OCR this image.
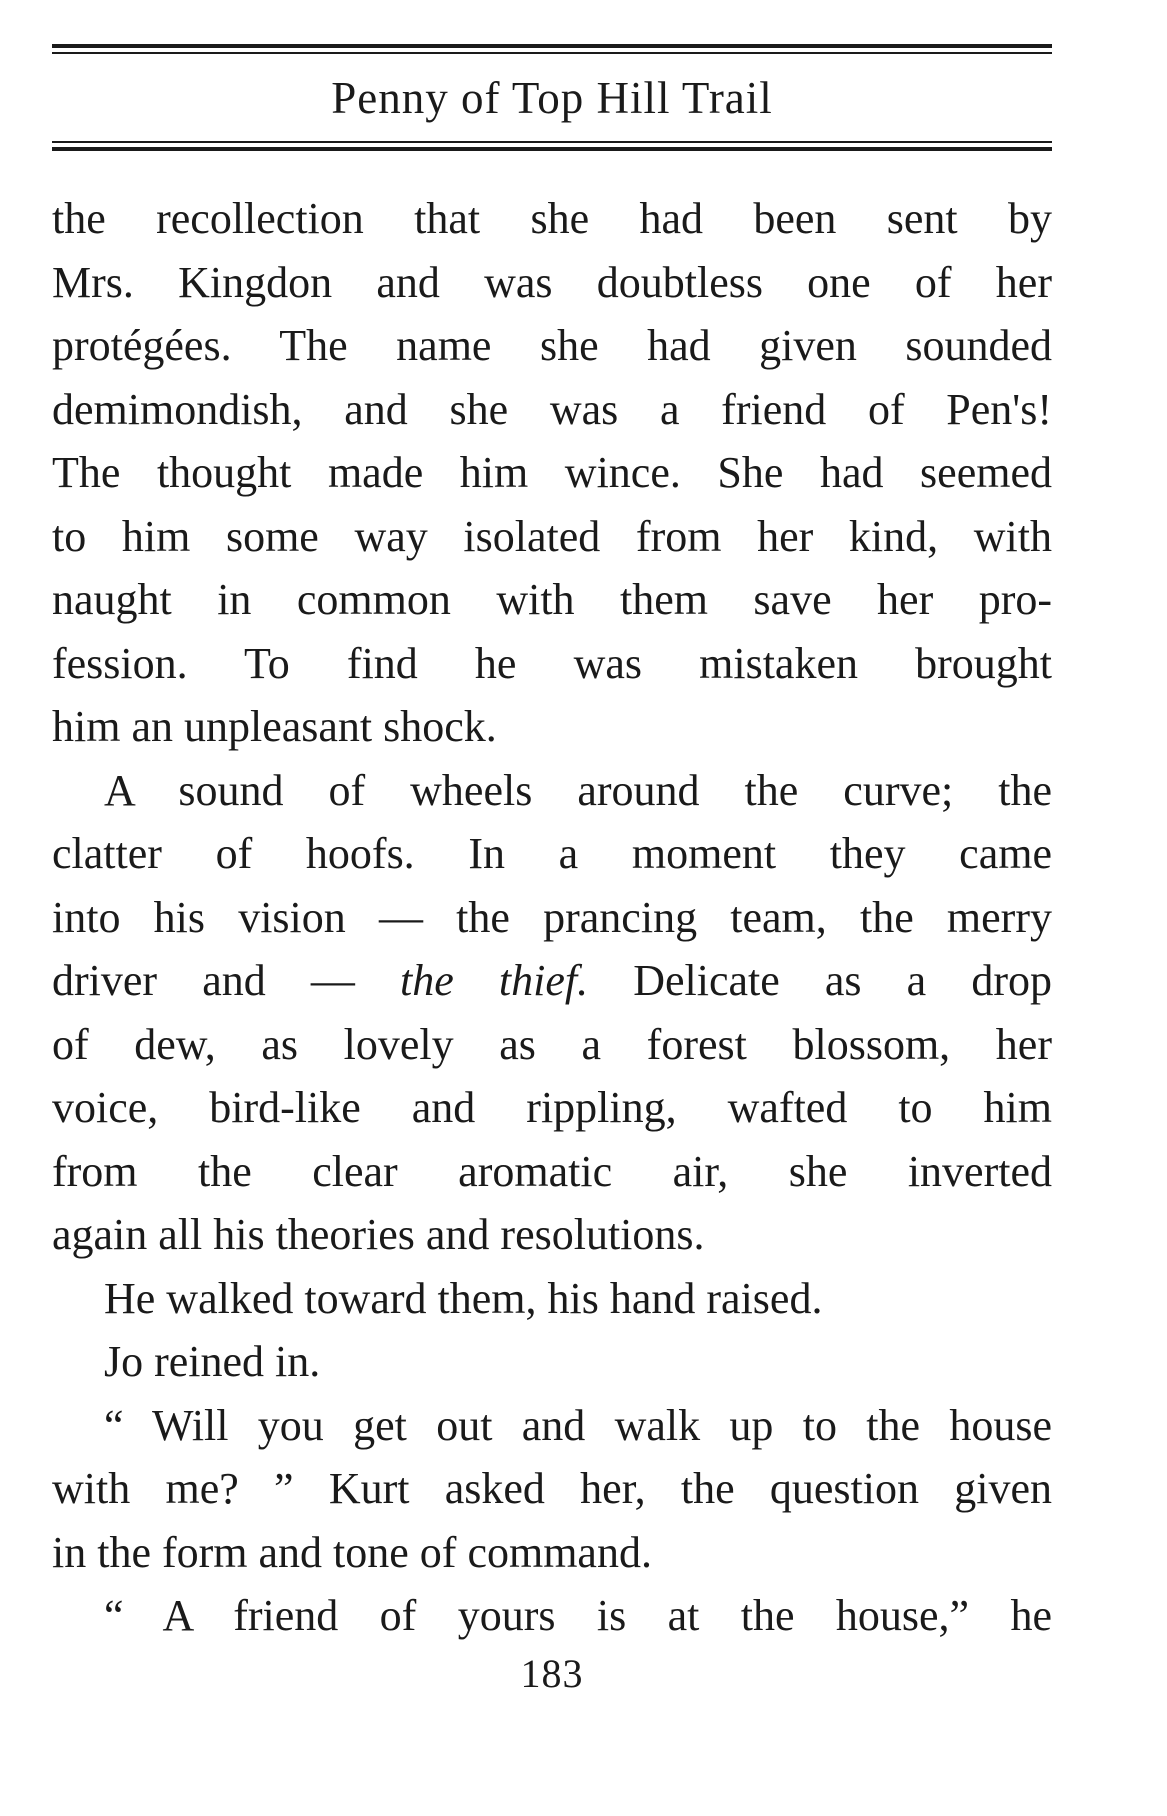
Penny of Top Hill Trail
the recollection that she had been sent by
Mrs. Kingdon and was doubtless one of her
protégées. The name she had given sounded
demimondish, and she was a friend of Pen's!
The thought made him wince. She had seemed
to him some way isolated from her kind, with
naught in common with them save her pro-
fession. To find he was mistaken brought
him an unpleasant shock.
A sound of wheels around the curve; the
clatter of hoofs. In a moment they came
into his vision — the prancing team, the merry
driver and — the thief. Delicate as a drop
of dew, as lovely as a forest blossom, her
voice, bird-like and rippling, wafted to him
from the clear aromatic air, she inverted
again all his theories and resolutions.
He walked toward them, his hand raised.
Jo reined in.
“ Will you get out and walk up to the house
with me? ” Kurt asked her, the question given
in the form and tone of command.
“ A friend of yours is at the house,” he
183
